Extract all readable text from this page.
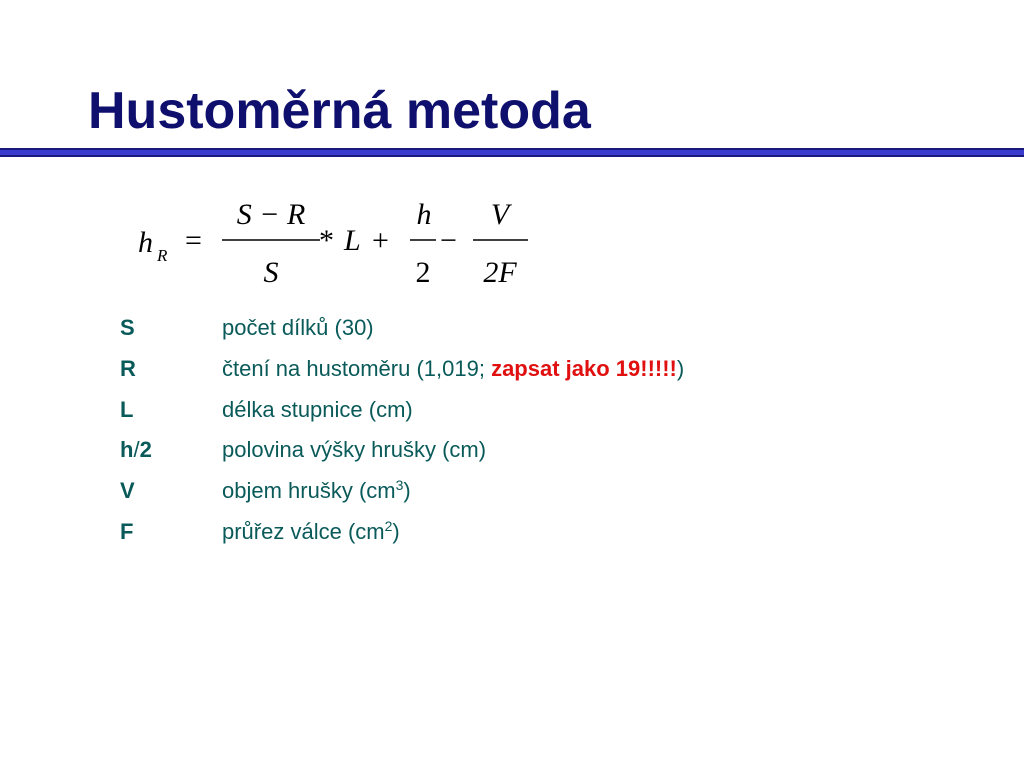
Hustoměrná metoda
h R =
S − R
S
* L +
h
2
−
V
2F
S	počet dílků (30)
R	čtení na hustoměru (1,019; zapsat jako 19!!!!!)
L	délka stupnice (cm)
h/2	polovina výšky hrušky (cm)
V	objem hrušky $(cm^3)$
F	průřez válce $(cm^2)$
